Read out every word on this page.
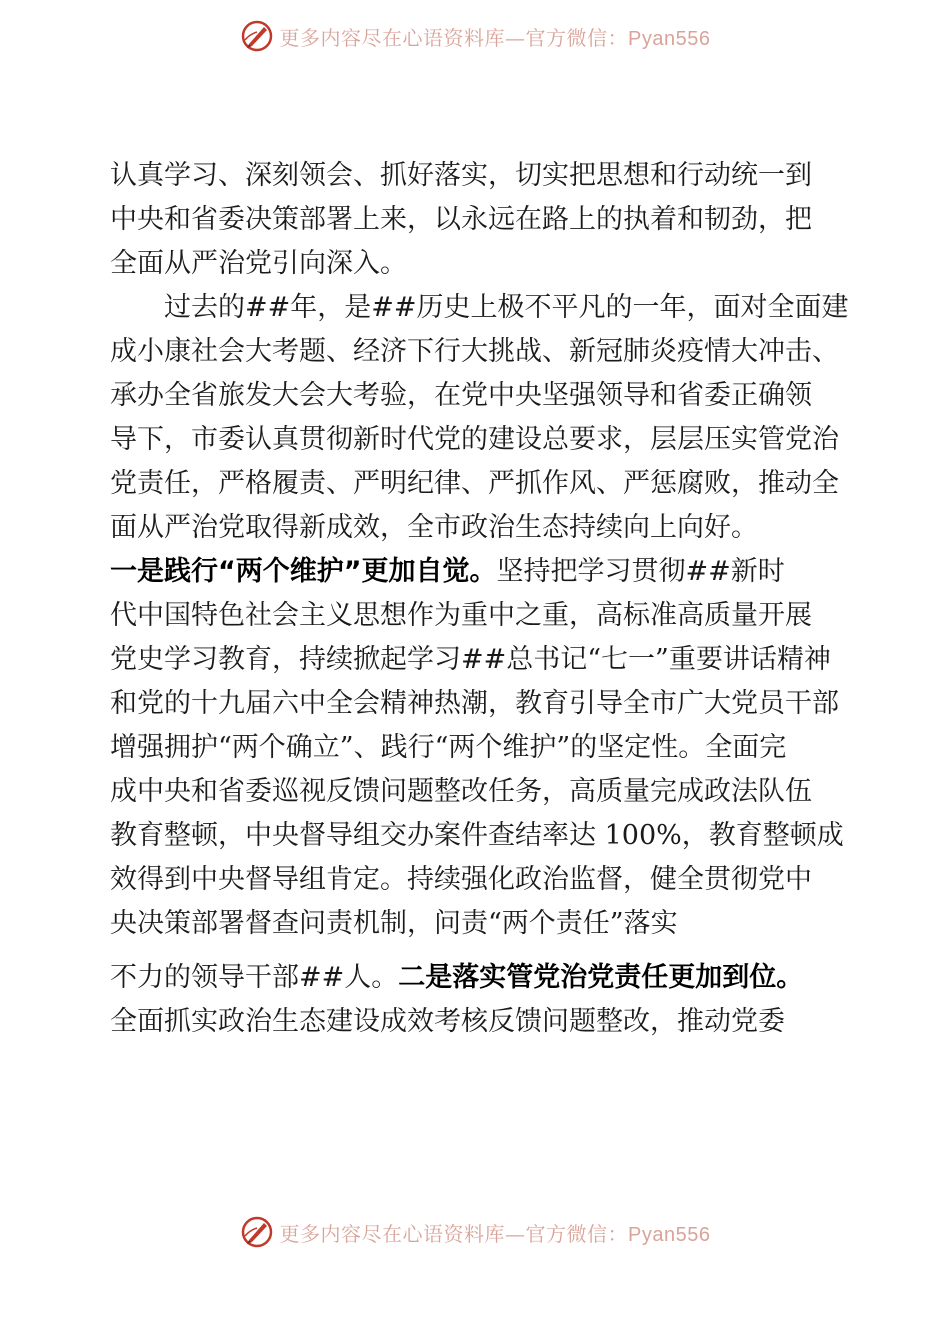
更多内容尽在心语资料库—官方微信：Pyan556
认真学习、深刻领会、抓好落实，切实把思想和行动统一到
中央和省委决策部署上来，以永远在路上的执着和韧劲，把
全面从严治党引向深入。
过去的##年，是##历史上极不平凡的一年，面对全面建
成小康社会大考题、经济下行大挑战、新冠肺炎疫情大冲击、
承办全省旅发大会大考验，在党中央坚强领导和省委正确领
导下，市委认真贯彻新时代党的建设总要求，层层压实管党治
党责任，严格履责、严明纪律、严抓作风、严惩腐败，推动全
面从严治党取得新成效，全市政治生态持续向上向好。
一是践行“两个维护”更加自觉。坚持把学习贯彻##新时
代中国特色社会主义思想作为重中之重，高标准高质量开展
党史学习教育，持续掀起学习##总书记“七一”重要讲话精神
和党的十九届六中全会精神热潮，教育引导全市广大党员干部
增强拥护“两个确立”、践行“两个维护”的坚定性。全面完
成中央和省委巡视反馈问题整改任务，高质量完成政法队伍
教育整顿，中央督导组交办案件查结率达 100%，教育整顿成
效得到中央督导组肯定。持续强化政治监督，健全贯彻党中
央决策部署督查问责机制，问责“两个责任”落实
不力的领导干部##人。二是落实管党治党责任更加到位。
全面抓实政治生态建设成效考核反馈问题整改，推动党委
更多内容尽在心语资料库—官方微信：Pyan556
